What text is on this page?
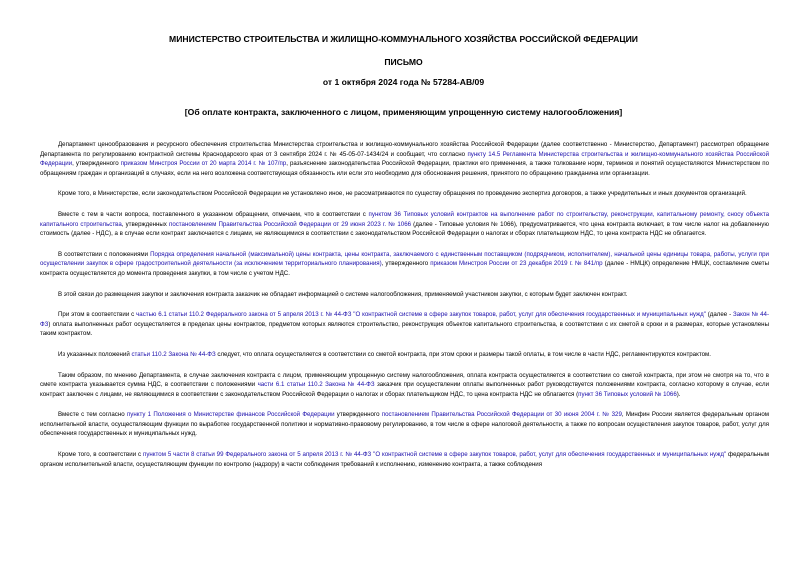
МИНИСТЕРСТВО СТРОИТЕЛЬСТВА И ЖИЛИЩНО-КОММУНАЛЬНОГО ХОЗЯЙСТВА РОССИЙСКОЙ ФЕДЕРАЦИИ
ПИСЬМО
от 1 октября 2024 года № 57284-АВ/09
[Об оплате контракта, заключенного с лицом, применяющим упрощенную систему налогообложения]

Департамент ценообразования и ресурсного обеспечения строительства Министерства строительства и жилищно-коммунального хозяйства Российской Федерации (далее соответственно - Министерство, Департамент) рассмотрел обращение Департамента по регулированию контрактной системы Краснодарского края от 3 сентября 2024 г. № 45-05-07-1434/24 и сообщает, что согласно пункту 14.5 Регламента Министерства строительства и жилищно-коммунального хозяйства Российской Федерации, утвержденного приказом Минстроя России от 20 марта 2014 г. № 107/пр, разъяснение законодательства Российской Федерации, практики его применения, а также толкование норм, терминов и понятий осуществляются Министерством по обращениям граждан и организаций в случаях, если на него возложена соответствующая обязанность или если это необходимо для обоснования решения, принятого по обращению гражданина или организации.

Кроме того, в Министерстве, если законодательством Российской Федерации не установлено иное, не рассматриваются по существу обращения по проведению экспертиз договоров, а также учредительных и иных документов организаций.

Вместе с тем в части вопроса, поставленного в указанном обращении, отмечаем, что в соответствии с пунктом 36 Типовых условий контрактов на выполнение работ по строительству, реконструкции, капитальному ремонту, сносу объекта капитального строительства, утвержденных постановлением Правительства Российской Федерации от 29 июня 2023 г. № 1066 (далее - Типовые условия № 1066), предусматривается, что цена контракта включает, в том числе налог на добавленную стоимость (далее - НДС), а в случае если контракт заключается с лицами, не являющимися в соответствии с законодательством Российской Федерации о налогах и сборах плательщиком НДС, то цена контракта НДС не облагается.

В соответствии с положениями Порядка определения начальной (максимальной) цены контракта, цены контракта, заключаемого с единственным поставщиком (подрядчиком, исполнителем), начальной цены единицы товара, работы, услуги при осуществлении закупок в сфере градостроительной деятельности (за исключением территориального планирования), утвержденного приказом Минстроя России от 23 декабря 2019 г. № 841/пр (далее - НМЦК) определение НМЦК, составление сметы контракта осуществляется до момента проведения закупки, в том числе с учетом НДС.

В этой связи до размещения закупки и заключения контракта заказчик не обладает информацией о системе налогообложения, применяемой участником закупки, с которым будет заключен контракт.

При этом в соответствии с частью 6.1 статьи 110.2 Федерального закона от 5 апреля 2013 г. № 44-ФЗ "О контрактной системе в сфере закупок товаров, работ, услуг для обеспечения государственных и муниципальных нужд" (далее - Закон № 44-ФЗ) оплата выполненных работ осуществляется в пределах цены контрактов, предметом которых являются строительство, реконструкция объектов капитального строительства, в соответствии с их сметой в сроки и в размерах, которые установлены таким контрактом.

Из указанных положений статьи 110.2 Закона № 44-ФЗ следует, что оплата осуществляется в соответствии со сметой контракта, при этом сроки и размеры такой оплаты, в том числе в части НДС, регламентируются контрактом.

Таким образом, по мнению Департамента, в случае заключения контракта с лицом, применяющим упрощенную систему налогообложения, оплата контракта осуществляется в соответствии со сметой контракта, при этом не смотря на то, что в смете контракта указывается сумма НДС, в соответствии с положениями части 6.1 статьи 110.2 Закона № 44-ФЗ заказчик при осуществлении оплаты выполненных работ руководствуется положениями контракта, согласно которому в случае, если контракт заключен с лицами, не являющимися в соответствии с законодательством Российской Федерации о налогах и сборах плательщиком НДС, то цена контракта НДС не облагается (пункт 36 Типовых условий № 1066).

Вместе с тем согласно пункту 1 Положения о Министерстве финансов Российской Федерации утвержденного постановлением Правительства Российской Федерации от 30 июня 2004 г. № 329, Минфин России является федеральным органом исполнительной власти, осуществляющим функции по выработке государственной политики и нормативно-правовому регулированию, в том числе в сфере налоговой деятельности, а также по вопросам осуществления закупок товаров, работ, услуг для обеспечения государственных и муниципальных нужд.

Кроме того, в соответствии с пунктом 5 части 8 статьи 99 Федерального закона от 5 апреля 2013 г. № 44-ФЗ "О контрактной системе в сфере закупок товаров, работ, услуг для обеспечения государственных и муниципальных нужд" федеральным органом исполнительной власти, осуществляющим функции по контролю (надзору) в части соблюдения требований к исполнению, изменению контракта, а также соблюдения
